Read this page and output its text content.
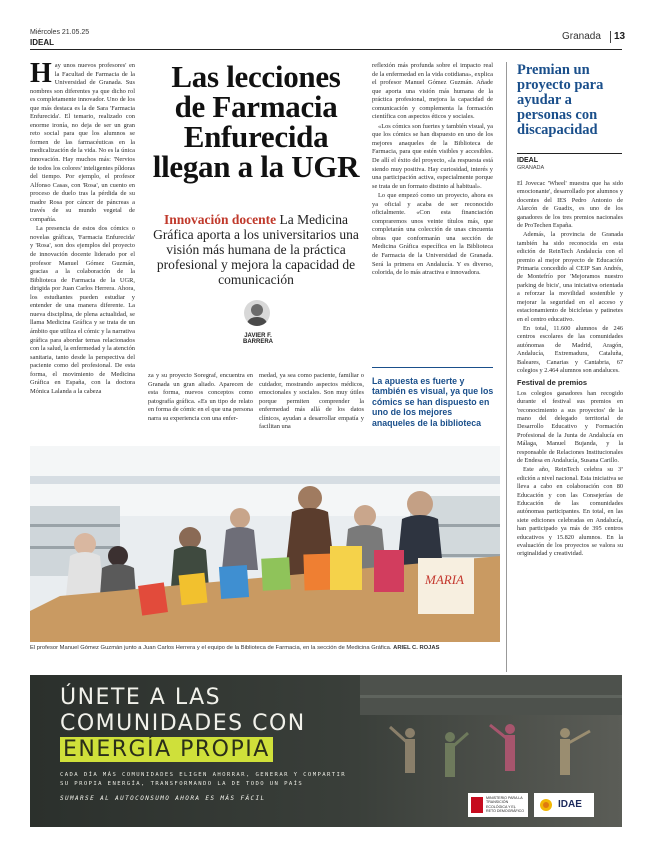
Miércoles 21.05.25
IDEAL
Granada 13
H ay unos nuevos profesores' en la Facultad de Farmacia de la Universidad de Granada. Sus nombres son diferentes ya que dicho rol es completamente innovador. Uno de los que más destaca es la de Sara 'Farmacia Enfurecida'. El temario, realizado con enorme ironía, no deja de ser un gran reto social para que los alumnos se formen de las farmacéuticas en la medicalización de la vida. No es la única innovación. Hay muchos más: 'Nervios de todos los colores' inteligentes píldoras del tiempo. Por ejemplo, el profesor Alfonso Casas, con 'Rosa', un cuento en proceso de duelo tras la pérdida de su madre Rosa por cáncer de páncreas a través de su mundo vegetal de compañía.

La presencia de estos dos cómics o novelas gráficas, 'Farmacia Enfurecida' y 'Rosa', son dos ejemplos del proyecto de innovación docente liderado por el profesor Manuel Gómez Guzmán, gracias a la colaboración de la Biblioteca de Farmacia de la UGR, dirigida por Juan Carlos Herrera. Ahora, los estudiantes pueden estudiar y entender de una manera diferente. La nueva disciplina, de plena actualidad, se llama Medicina Gráfica y se trata de un ámbito que utiliza el cómic y la narrativa gráfica para abordar temas relacionados con la salud, la enfermedad y la atención sanitaria, tanto desde la perspectiva del paciente como del profesional. De esta forma, el movimiento de Medicina Gráfica en España, con la doctora Mónica Lalanda a la cabeza

Las lecciones
de Farmacia
Enfurecida
llegan a la UGR
Innovación docente La Medicina Gráfica aporta a los universitarios una visión más humana de la práctica profesional y mejora la capacidad de comunicación
JAVIER F. BARRERA

za y su proyecto Soregraf, encuentra en Granada un gran aliado. Aparecen de esta forma, nuevos conceptos como patografía gráfica. «Es un tipo de relato en forma de cómic en el que una persona narra su experiencia con una enfer-

medad, ya sea como paciente, familiar o cuidador, mostrando aspectos médicos, emocionales y sociales. Son muy útiles porque permiten comprender la enfermedad más allá de los datos clínicos, ayudan a desarrollar empatía y facilitan una

reflexión más profunda sobre el impacto real de la enfermedad en la vida cotidiana», explica el profesor Manuel Gómez Guzmán. Añade que aporta una visión más humana de la práctica profesional, mejora la capacidad de comunicación y complementa la formación científica con aspectos éticos y sociales.

«Los cómics son fuertes y también visual, ya que los cómics se han dispuesto en uno de los mejores anaqueles de la Biblioteca de Farmacia, para que estén visibles y accesibles. De allí el éxito del proyecto, «la respuesta está siendo muy positiva. Hay curiosidad, interés y una participación activa, especialmente porque se trata de un formato distinto al habitual».

Lo que empezó como un proyecto, ahora es ya oficial y acaba de ser reconocido oficialmente. «Con esta financiación compraremos unos veinte títulos más, que completarán una colección de unas cincuenta obras que conformarán una sección de Medicina Gráfica específica en la Biblioteca de Farmacia de la Universidad de Granada. Será la primera en Andalucía. Y es diverso, colorida, de lo más atractiva e innovadora.

La apuesta es fuerte y también es visual, ya que los cómics se han dispuesto en uno de los mejores anaqueles de la biblioteca
Premian un proyecto para ayudar a personas con discapacidad
IDEAL
GRANADA

El Jovecac 'Wheel' muestra que ha sido emocionante', desarrollado por alumnos y docentes del IES Pedro Antonio de Alarcón de Guadix, es uno de los ganadores de los tres premios nacionales de ProTechen España.

Además, la provincia de Granada también ha sido reconocida en esta edición de ReinTech Andalucía con el premio al mejor proyecto de Educación Primaria concedido al CEIP San Andrés, de Montefrío por 'Mejoramos nuestro parking de bicis', una iniciativa orientada a reforzar la movilidad sostenible y mejorar la seguridad en el acceso y estacionamiento de bicicletas y patinetes en el centro educativo.

En total, 11.600 alumnos de 246 centros escolares de las comunidades autónomas de Madrid, Aragón, Andalucía, Extremadura, Cataluña, Baleares, Canarias y Cantabria, 67 colegios y 2.464 alumnos son andaluces.

Festival de premios

Los colegios ganadores han recogido durante el festival sus premios en 'reconocimiento a sus proyectos' de la mano del delegado territorial de Desarrollo Educativo y Formación Profesional de la Junta de Andalucía en Málaga, Manuel Bujanda, y la responsable de Relaciones Institucionales de Endesa en Andalucía, Susana Carillo.

Este año, ReinTech celebra su 3ª edición a nivel nacional. Esta iniciativa se lleva a cabo en colaboración con 80 Educación y con las Consejerías de Educación de las comunidades autónomas participantes. En total, en las siete ediciones celebradas en Andalucía, han participado ya más de 395 centros educativos y 15.820 alumnos. En la evaluación de los proyectos se valora su originalidad y creatividad.

MARIA
El profesor Manuel Gómez Guzmán junto a Juan Carlos Herrera y el equipo de la Biblioteca de Farmacia, en la sección de Medicina Gráfica. ARIEL C. ROJAS
ÚNETE A LAS
COMUNIDADES CON
ENERGÍA PROPIA
CADA DÍA MÁS COMUNIDADES ELIGEN AHORRAR, GENERAR Y COMPARTIR
SU PROPIA ENERGÍA, TRANSFORMANDO LA DE TODO UN PAÍS
SUMARSE AL AUTOCONSUMO AHORA ES MÁS FÁCIL	MINISTERIO PARA LA TRANSICIÓN ECOLÓGICA Y EL RETO DEMOGRÁFICO
IDAE
